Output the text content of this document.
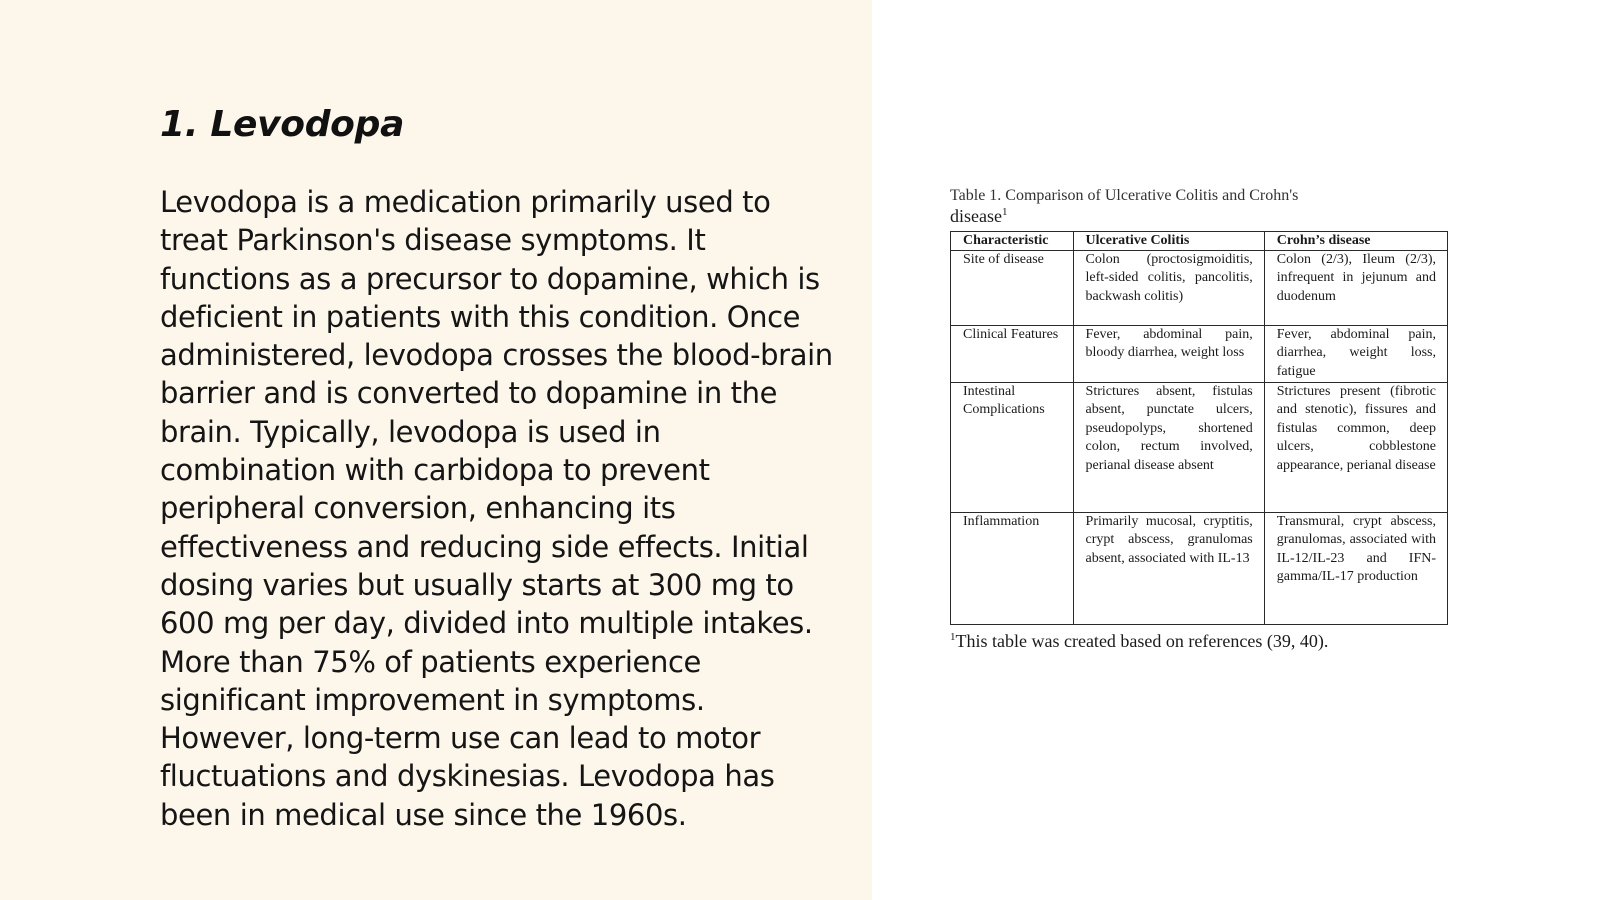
1. Levodopa

Levodopa is a medication primarily used to treat Parkinson's disease symptoms. It functions as a precursor to dopamine, which is deficient in patients with this condition. Once administered, levodopa crosses the blood-brain barrier and is converted to dopamine in the brain. Typically, levodopa is used in combination with carbidopa to prevent peripheral conversion, enhancing its effectiveness and reducing side effects. Initial dosing varies but usually starts at 300 mg to 600 mg per day, divided into multiple intakes. More than 75% of patients experience significant improvement in symptoms. However, long-term use can lead to motor fluctuations and dyskinesias. Levodopa has been in medical use since the 1960s.

Table 1. Comparison of Ulcerative Colitis and Crohn's
disease$^1$
Characteristic	Ulcerative Colitis	Crohn’s disease
Site of disease	Colon (proctosigmoiditis, left-sided colitis, pancolitis, backwash colitis)	Colon (2/3), Ileum (2/3), infrequent in jejunum and duodenum
Clinical Features	Fever, abdominal pain, bloody diarrhea, weight loss	Fever, abdominal pain, diarrhea, weight loss, fatigue
Intestinal Complications	Strictures absent, fistulas absent, punctate ulcers, pseudopolyps, shortened colon, rectum involved, perianal disease absent	Strictures present (fibrotic and stenotic), fissures and fistulas common, deep ulcers, cobblestone appearance, perianal disease
Inflammation	Primarily mucosal, cryptitis, crypt abscess, granulomas absent, associated with IL-13	Transmural, crypt abscess, granulomas, associated with IL-12/IL-23 and IFN-gamma/IL-17 production
$^1$This table was created based on references (39, 40).
